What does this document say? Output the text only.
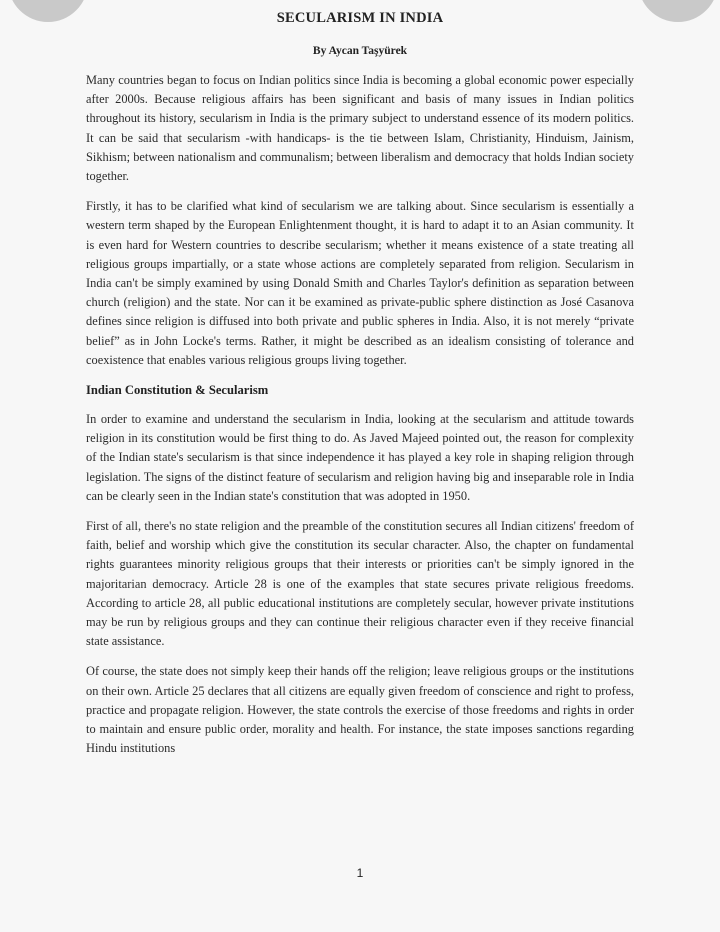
SECULARISM IN INDIA
By Aycan Taşyürek

Many countries began to focus on Indian politics since India is becoming a global economic power especially after 2000s. Because religious affairs has been significant and basis of many issues in Indian politics throughout its history, secularism in India is the primary subject to understand essence of its modern politics. It can be said that secularism -with handicaps- is the tie between Islam, Christianity, Hinduism, Jainism, Sikhism; between nationalism and communalism; between liberalism and democracy that holds Indian society together.

Firstly, it has to be clarified what kind of secularism we are talking about. Since secularism is essentially a western term shaped by the European Enlightenment thought, it is hard to adapt it to an Asian community. It is even hard for Western countries to describe secularism; whether it means existence of a state treating all religious groups impartially, or a state whose actions are completely separated from religion. Secularism in India can't be simply examined by using Donald Smith and Charles Taylor's definition as separation between church (religion) and the state. Nor can it be examined as private-public sphere distinction as José Casanova defines since religion is diffused into both private and public spheres in India. Also, it is not merely “private belief” as in John Locke's terms. Rather, it might be described as an idealism consisting of tolerance and coexistence that enables various religious groups living together.

Indian Constitution & Secularism

In order to examine and understand the secularism in India, looking at the secularism and attitude towards religion in its constitution would be first thing to do. As Javed Majeed pointed out, the reason for complexity of the Indian state's secularism is that since independence it has played a key role in shaping religion through legislation. The signs of the distinct feature of secularism and religion having big and inseparable role in India can be clearly seen in the Indian state's constitution that was adopted in 1950.

First of all, there's no state religion and the preamble of the constitution secures all Indian citizens' freedom of faith, belief and worship which give the constitution its secular character. Also, the chapter on fundamental rights guarantees minority religious groups that their interests or priorities can't be simply ignored in the majoritarian democracy. Article 28 is one of the examples that state secures private religious freedoms. According to article 28, all public educational institutions are completely secular, however private institutions may be run by religious groups and they can continue their religious character even if they receive financial state assistance.

Of course, the state does not simply keep their hands off the religion; leave religious groups or the institutions on their own. Article 25 declares that all citizens are equally given freedom of conscience and right to profess, practice and propagate religion. However, the state controls the exercise of those freedoms and rights in order to maintain and ensure public order, morality and health. For instance, the state imposes sanctions regarding Hindu institutions

1
